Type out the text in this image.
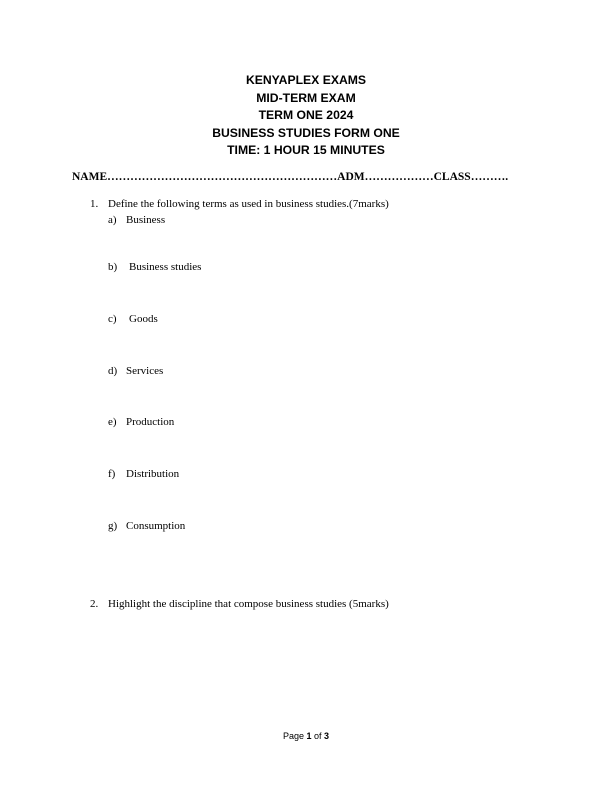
KENYAPLEX EXAMS
MID-TERM EXAM
TERM ONE 2024
BUSINESS STUDIES FORM ONE
TIME: 1 HOUR 15 MINUTES
NAME……………………………………………………ADM………………CLASS……….
1. Define the following terms as used in business studies.(7marks)
a) Business
b) Business studies
c) Goods
d) Services
e) Production
f) Distribution
g) Consumption
2. Highlight the discipline that compose business studies (5marks)
Page 1 of 3
